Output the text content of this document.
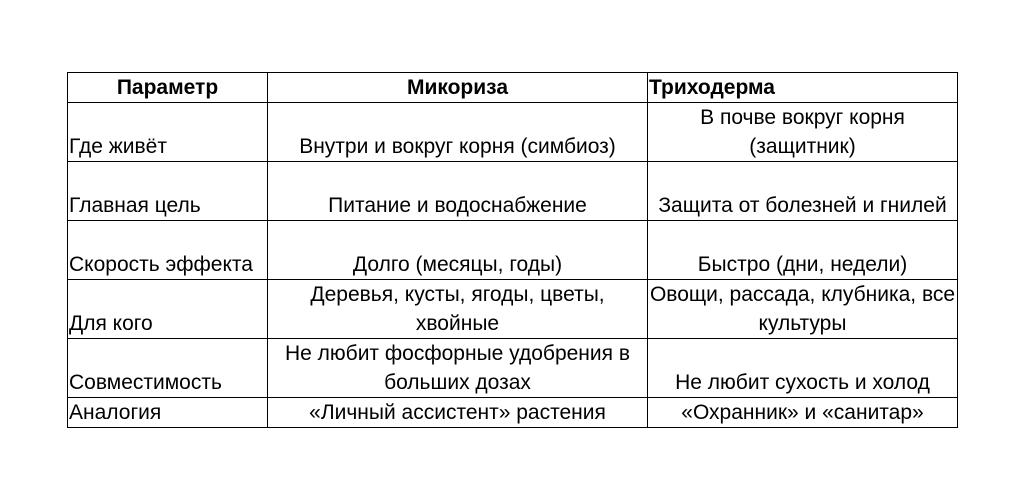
Параметр	Микориза	Триходерма
Где живёт	Внутри и вокруг корня (симбиоз)	В почве вокруг корня (защитник)
Главная цель	Питание и водоснабжение	Защита от болезней и гнилей
Скорость эффекта	Долго (месяцы, годы)	Быстро (дни, недели)
Для кого	Деревья, кусты, ягоды, цветы, хвойные	Овощи, рассада, клубника, все культуры
Совместимость	Не любит фосфорные удобрения в больших дозах	Не любит сухость и холод
Аналогия	«Личный ассистент» растения	«Охранник» и «санитар»
